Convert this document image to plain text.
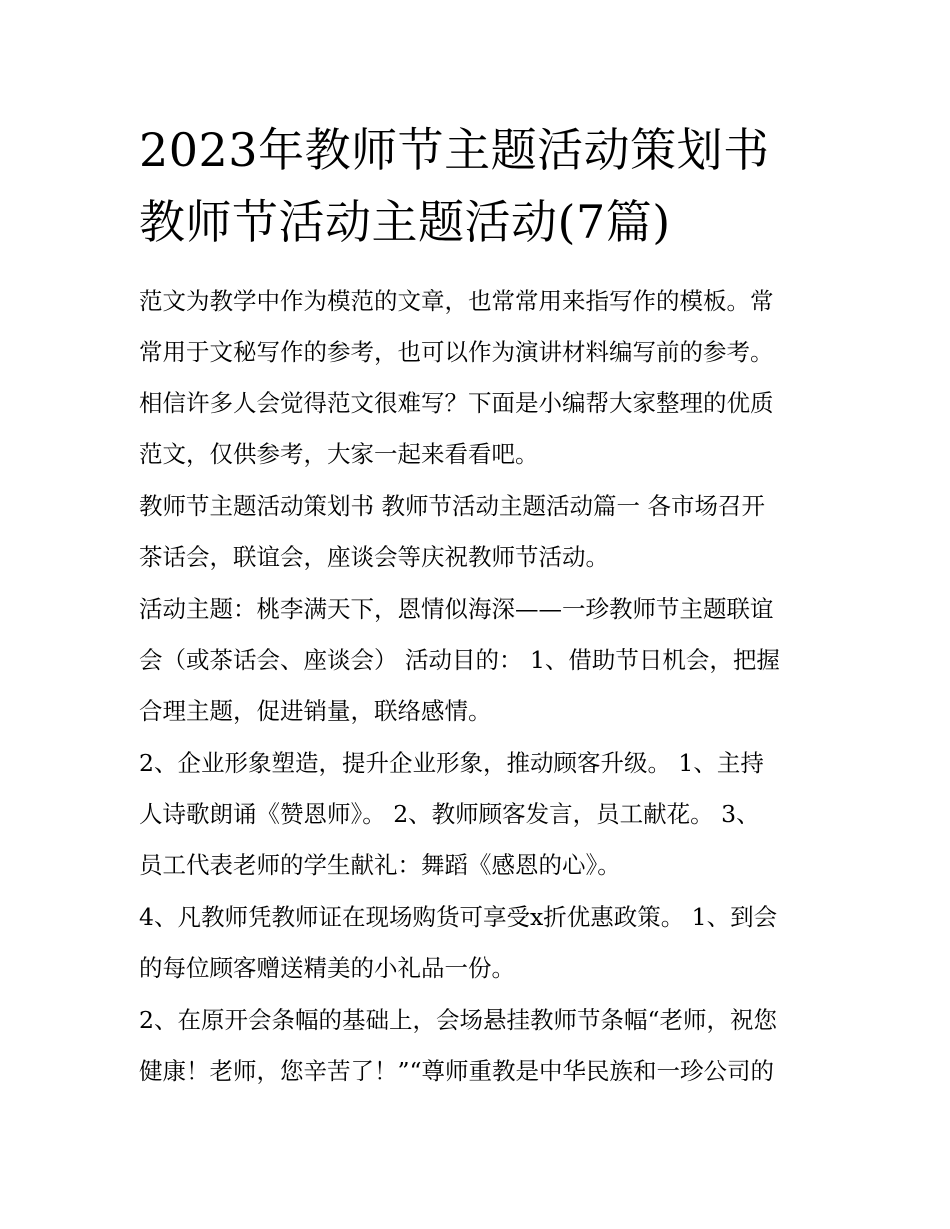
2023年教师节主题活动策划书
教师节活动主题活动(7篇)

范文为教学中作为模范的文章，也常常用来指写作的模板。常
常用于文秘写作的参考，也可以作为演讲材料编写前的参考。
相信许多人会觉得范文很难写？下面是小编帮大家整理的优质
范文，仅供参考，大家一起来看看吧。

教师节主题活动策划书 教师节活动主题活动篇一 各市场召开
茶话会，联谊会，座谈会等庆祝教师节活动。

活动主题：桃李满天下，恩情似海深——一珍教师节主题联谊
会（或茶话会、座谈会） 活动目的： 1、借助节日机会，把握
合理主题，促进销量，联络感情。

2、企业形象塑造，提升企业形象，推动顾客升级。 1、主持
人诗歌朗诵《赞恩师》。 2、教师顾客发言，员工献花。 3、
员工代表老师的学生献礼：舞蹈《感恩的心》。

4、凡教师凭教师证在现场购货可享受x折优惠政策。 1、到会
的每位顾客赠送精美的小礼品一份。

2、在原开会条幅的基础上，会场悬挂教师节条幅“老师，祝您
健康！老师，您辛苦了！”“尊师重教是中华民族和一珍公司的
